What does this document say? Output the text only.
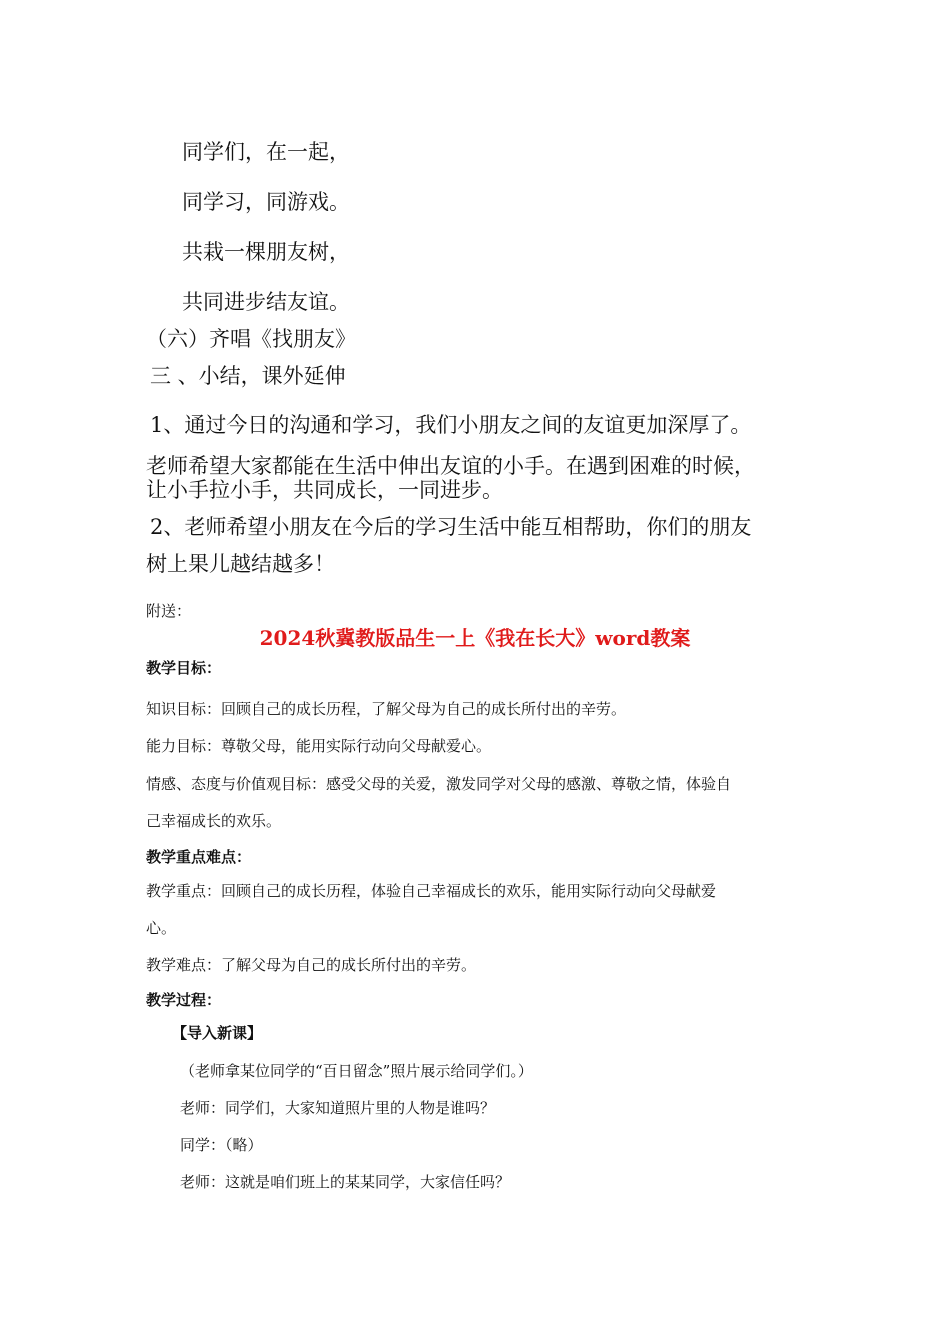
同学们，在一起，
同学习，同游戏。
共栽一棵朋友树，
共同进步结友谊。
（六）齐唱《找朋友》
三 、小结，课外延伸
1、通过今日的沟通和学习，我们小朋友之间的友谊更加深厚了。
老师希望大家都能在生活中伸出友谊的小手。在遇到困难的时候，
让小手拉小手，共同成长，一同进步。
2、老师希望小朋友在今后的学习生活中能互相帮助，你们的朋友
树上果儿越结越多！
附送：
2024秋冀教版品生一上《我在长大》word教案
教学目标：
知识目标：回顾自己的成长历程，了解父母为自己的成长所付出的辛劳。
能力目标：尊敬父母，能用实际行动向父母献爱心。
情感、态度与价值观目标：感受父母的关爱，激发同学对父母的感激、尊敬之情，体验自
己幸福成长的欢乐。
教学重点难点：
教学重点：回顾自己的成长历程，体验自己幸福成长的欢乐，能用实际行动向父母献爱
心。
教学难点：了解父母为自己的成长所付出的辛劳。
教学过程：
【导入新课】
（老师拿某位同学的“百日留念”照片展示给同学们。）
老师：同学们，大家知道照片里的人物是谁吗？
同学：（略）
老师：这就是咱们班上的某某同学，大家信任吗？
